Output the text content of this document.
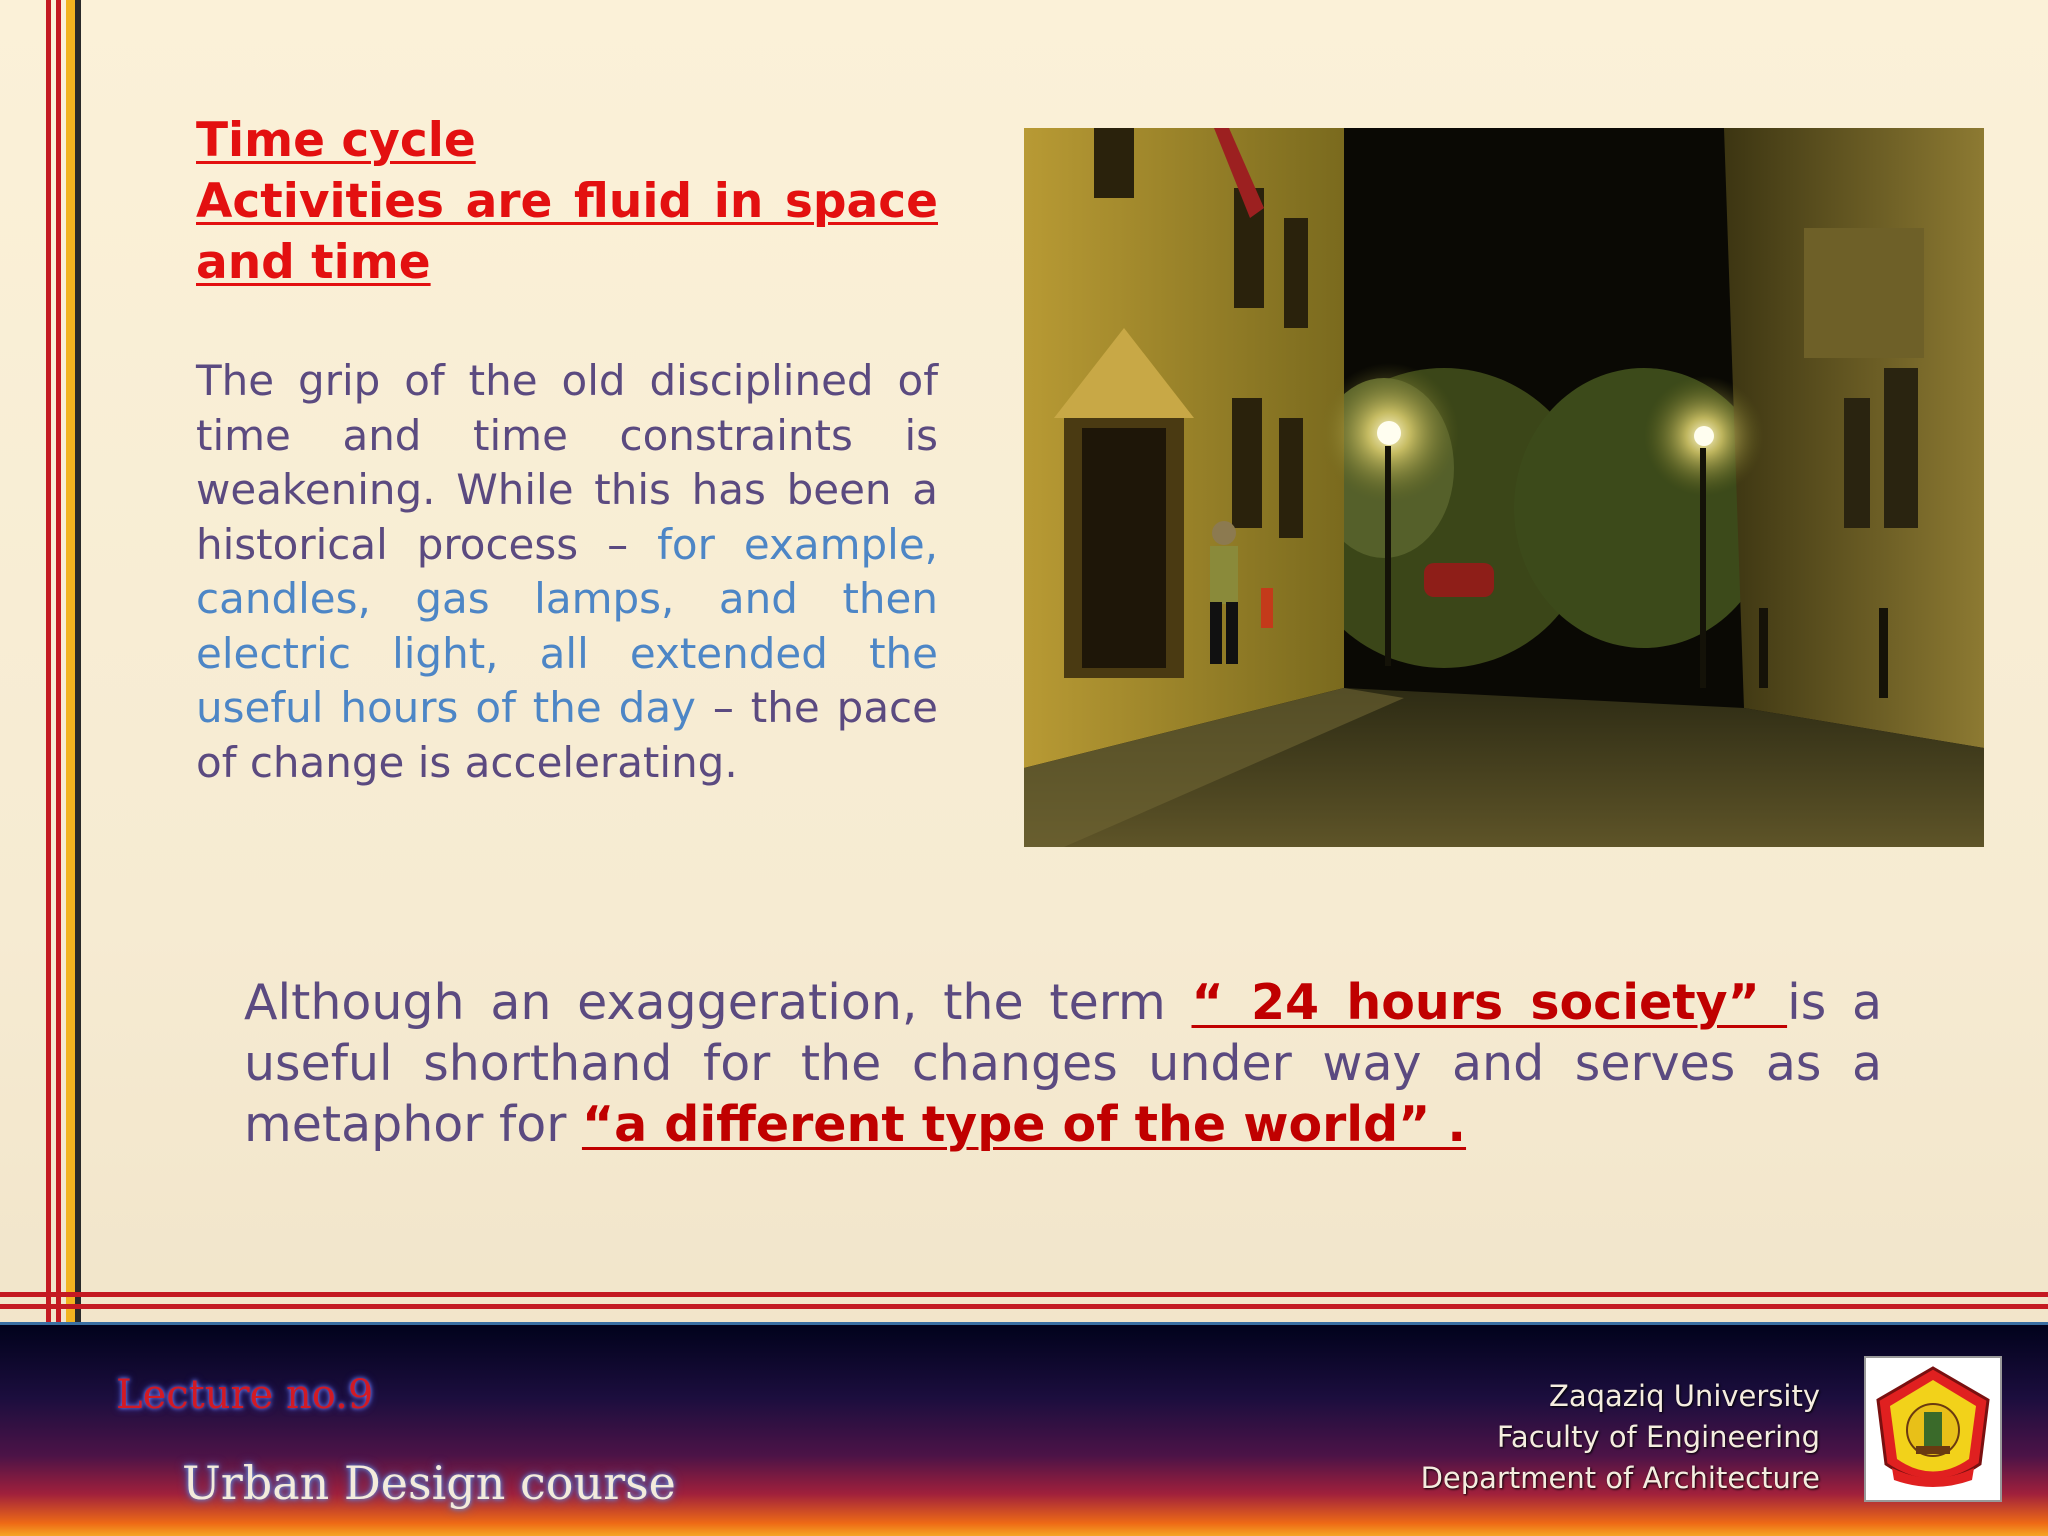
Time cycle
Activities are fluid in space
and time

The grip of the old disciplined of time and time constraints is weakening. While this has been a historical process – for example, candles, gas lamps, and then electric light, all extended the useful hours of the day – the pace of change is accelerating.

Although an exaggeration, the term “ 24 hours society” is a useful shorthand for the changes under way and serves as a metaphor for “a different type of the world” .

Lecture no.9
Urban Design course
Zaqaziq University
Faculty of Engineering
Department of Architecture
